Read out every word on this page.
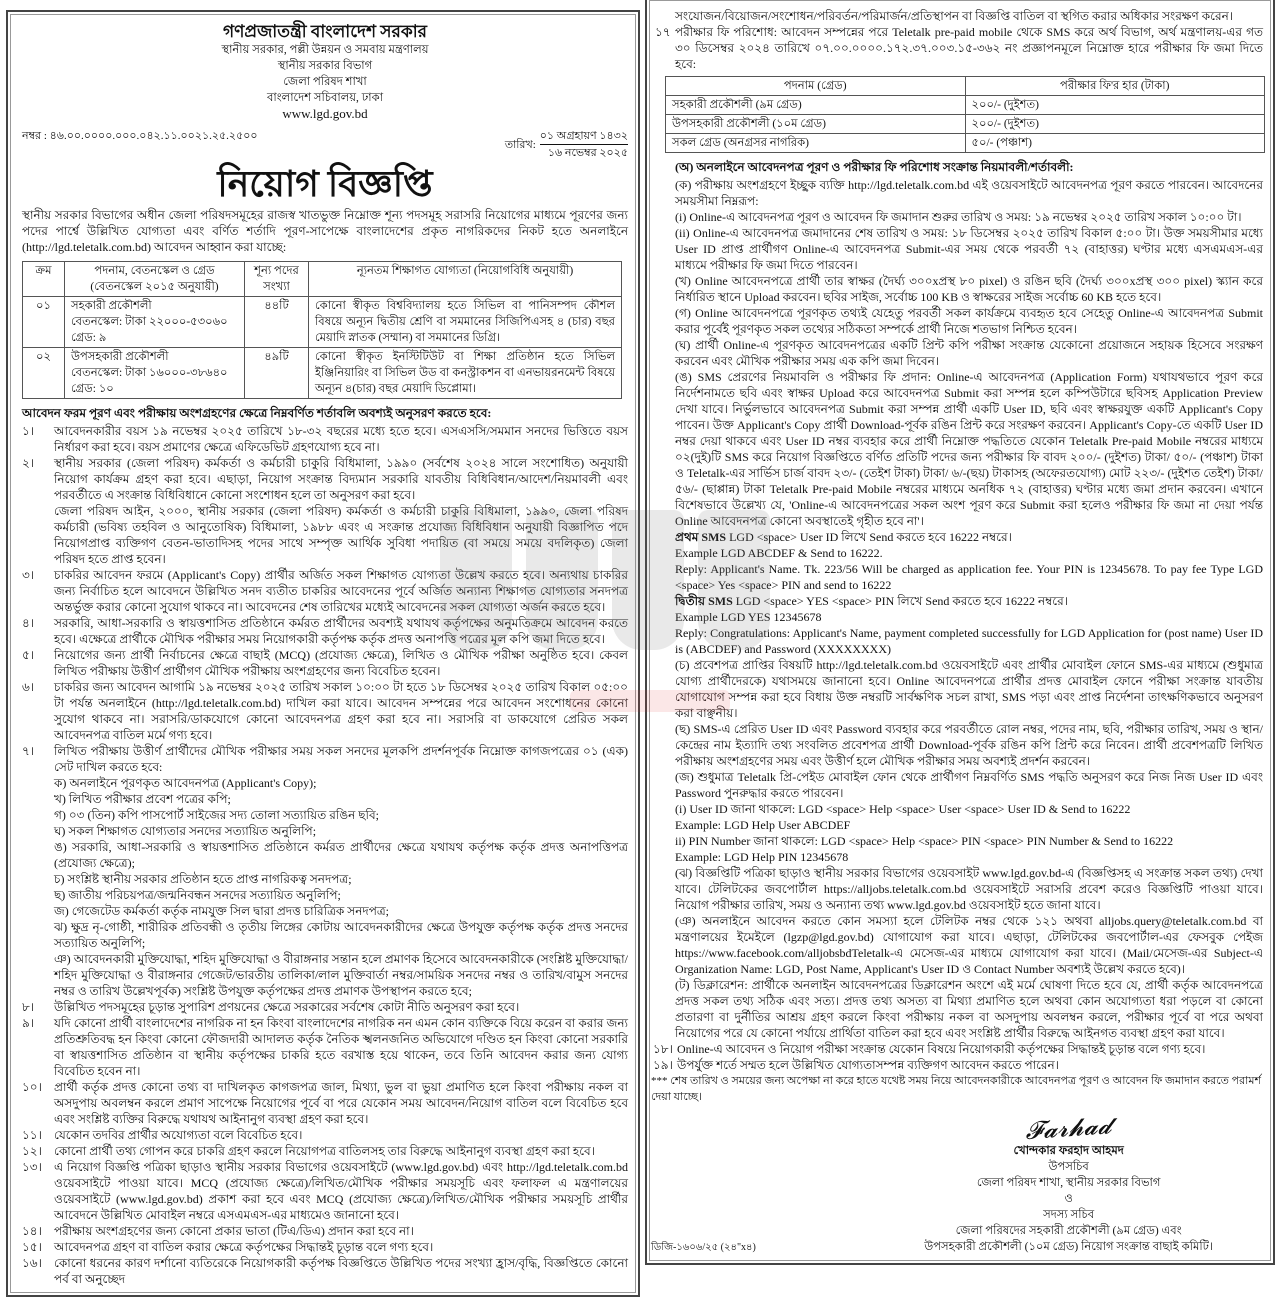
গণপ্রজাতন্ত্রী বাংলাদেশ সরকার
স্থানীয় সরকার, পল্লী উন্নয়ন ও সমবায় মন্ত্রণালয়
স্থানীয় সরকার বিভাগ
জেলা পরিষদ শাখা
বাংলাদেশ সচিবালয়, ঢাকা
www.lgd.gov.bd
নম্বর : ৪৬.০০.০০০০.০০০.০৪২.১১.০০২১.২৫.২৫০০
তারিখ:
০১ অগ্রহায়ণ ১৪৩২
১৬ নভেম্বর ২০২৫
নিয়োগ বিজ্ঞপ্তি
স্থানীয় সরকার বিভাগের অধীন জেলা পরিষদসমূহের রাজস্ব খাতভুক্ত নিম্নোক্ত শূন্য পদসমূহ সরাসরি নিয়োগের মাধ্যমে পূরণের জন্য পদের পার্শ্বে উল্লিখিত যোগ্যতা এবং বর্ণিত শর্তাদি পূরণ-সাপেক্ষে বাংলাদেশের প্রকৃত নাগরিকদের নিকট হতে অনলাইনে (http://lgd.teletalk.com.bd) আবেদন আহ্বান করা যাচ্ছে:
ক্রম	পদনাম, বেতনস্কেল ও গ্রেড (বেতনস্কেল ২০১৫ অনুযায়ী)	শূন্য পদের সংখ্যা	ন্যূনতম শিক্ষাগত যোগ্যতা (নিয়োগবিধি অনুযায়ী)
০১	সহকারী প্রকৌশলী
বেতনস্কেল: টাকা ২২০০০-৫৩০৬০
গ্রেড: ৯	৪৪টি	কোনো স্বীকৃত বিশ্ববিদ্যালয় হতে সিভিল বা পানিসম্পদ কৌশল বিষয়ে অন্যূন দ্বিতীয় শ্রেণি বা সমমানের সিজিপিএসহ ৪ (চার) বছর মেয়াদি স্নাতক (সম্মান) বা সমমানের ডিগ্রি।
০২	উপসহকারী প্রকৌশলী
বেতনস্কেল: টাকা ১৬০০০-৩৮৬৪০
গ্রেড: ১০	৪৯টি	কোনো স্বীকৃত ইনস্টিটিউট বা শিক্ষা প্রতিষ্ঠান হতে সিভিল ইঞ্জিনিয়ারিং বা সিভিল উড বা কনস্ট্রাকশন বা এনভায়রনমেন্ট বিষয়ে অন্যূন ৪(চার) বছর মেয়াদি ডিপ্লোমা।
আবেদন ফরম পূরণ এবং পরীক্ষায় অংশগ্রহণের ক্ষেত্রে নিম্নবর্ণিত শর্তাবলি অবশ্যই অনুসরণ করতে হবে:
১।	আবেদনকারীর বয়স ১৯ নভেম্বর ২০২৫ তারিখে ১৮-৩২ বছরের মধ্যে হতে হবে। এসএসসি/সমমান সনদের ভিত্তিতে বয়স নির্ধারণ করা হবে। বয়স প্রমাণের ক্ষেত্রে এফিডেভিট গ্রহণযোগ্য হবে না।
২।	স্থানীয় সরকার (জেলা পরিষদ) কর্মকর্তা ও কর্মচারী চাকুরি বিধিমালা, ১৯৯০ (সর্বশেষ ২০২৪ সালে সংশোধিত) অনুযায়ী নিয়োগ কার্যক্রম গ্রহণ করা হবে। এছাড়া, নিয়োগ সংক্রান্ত বিদ্যমান সরকারি যাবতীয় বিধিবিধান/আদেশ/নিয়মাবলী এবং পরবর্তীতে এ সংক্রান্ত বিধিবিধানে কোনো সংশোধন হলে তা অনুসরণ করা হবে।
জেলা পরিষদ আইন, ২০০০, স্থানীয় সরকার (জেলা পরিষদ) কর্মকর্তা ও কর্মচারী চাকুরি বিধিমালা, ১৯৯০, জেলা পরিষদ কর্মচারী (ভবিষ্য তহবিল ও আনুতোষিক) বিধিমালা, ১৯৮৮ এবং এ সংক্রান্ত প্রযোজ্য বিধিবিধান অনুযায়ী বিজ্ঞাপিত পদে নিয়োগপ্রাপ্ত ব্যক্তিগণ বেতন-ভাতাদিসহ পদের সাথে সম্পৃক্ত আর্থিক সুবিধা পদায়িত (বা সময়ে সময়ে বদলিকৃত) জেলা পরিষদ হতে প্রাপ্ত হবেন।
৩।	চাকরির আবেদন ফরমে (Applicant's Copy) প্রার্থীর অর্জিত সকল শিক্ষাগত যোগ্যতা উল্লেখ করতে হবে। অন্যথায় চাকরির জন্য নির্বাচিত হলে আবেদনে উল্লিখিত সনদ ব্যতীত চাকরির আবেদনের পূর্বে অর্জিত অন্যান্য শিক্ষাগত যোগ্যতার সনদপত্র অন্তর্ভুক্ত করার কোনো সুযোগ থাকবে না। আবেদনের শেষ তারিখের মধ্যেই আবেদনের সকল যোগ্যতা অর্জন করতে হবে।
৪।	সরকারি, আধা-সরকারি ও স্বায়ত্তশাসিত প্রতিষ্ঠানে কর্মরত প্রার্থীদের অবশ্যই যথাযথ কর্তৃপক্ষের অনুমতিক্রমে আবেদন করতে হবে। এক্ষেত্রে প্রার্থীকে মৌখিক পরীক্ষার সময় নিয়োগকারী কর্তৃপক্ষ কর্তৃক প্রদত্ত অনাপত্তি পত্রের মূল কপি জমা দিতে হবে।
৫।	নিয়োগের জন্য প্রার্থী নির্বাচনের ক্ষেত্রে বাছাই (MCQ) (প্রযোজ্য ক্ষেত্রে), লিখিত ও মৌখিক পরীক্ষা অনুষ্ঠিত হবে। কেবল লিখিত পরীক্ষায় উত্তীর্ণ প্রার্থীগণ মৌখিক পরীক্ষায় অংশগ্রহণের জন্য বিবেচিত হবেন।
৬।	চাকরির জন্য আবেদন আগামি ১৯ নভেম্বর ২০২৫ তারিখ সকাল ১০:০০ টা হতে ১৮ ডিসেম্বর ২০২৫ তারিখ বিকাল ০৫:০০ টা পর্যন্ত অনলাইনে (http://lgd.teletalk.com.bd) দাখিল করা যাবে। আবেদন সম্পন্নের পরে আবেদন সংশোধনের কোনো সুযোগ থাকবে না। সরাসরি/ডাকযোগে কোনো আবেদনপত্র গ্রহণ করা হবে না। সরাসরি বা ডাকযোগে প্রেরিত সকল আবেদনপত্র বাতিল মর্মে গণ্য হবে।
৭।	লিখিত পরীক্ষায় উত্তীর্ণ প্রার্থীদের মৌখিক পরীক্ষার সময় সকল সনদের মূলকপি প্রদর্শনপূর্বক নিম্নোক্ত কাগজপত্রের ০১ (এক) সেট দাখিল করতে হবে:
ক) অনলাইনে পূরণকৃত আবেদনপত্র (Applicant's Copy);
খ) লিখিত পরীক্ষার প্রবেশ পত্রের কপি;
গ) ০৩ (তিন) কপি পাসপোর্ট সাইজের সদ্য তোলা সত্যায়িত রঙিন ছবি;
ঘ) সকল শিক্ষাগত যোগ্যতার সনদের সত্যায়িত অনুলিপি;
ঙ) সরকারি, আধা-সরকারি ও স্বায়ত্তশাসিত প্রতিষ্ঠানে কর্মরত প্রার্থীদের ক্ষেত্রে যথাযথ কর্তৃপক্ষ কর্তৃক প্রদত্ত অনাপত্তিপত্র (প্রযোজ্য ক্ষেত্রে);
চ) সংশ্লিষ্ট স্থানীয় সরকার প্রতিষ্ঠান হতে প্রাপ্ত নাগরিকত্ব সনদপত্র;
ছ) জাতীয় পরিচয়পত্র/জন্মনিবন্ধন সনদের সত্যায়িত অনুলিপি;
জ) গেজেটেড কর্মকর্তা কর্তৃক নামযুক্ত সিল দ্বারা প্রদত্ত চারিত্রিক সনদপত্র;
ঝ) ক্ষুদ্র নৃ-গোষ্ঠী, শারীরিক প্রতিবন্ধী ও তৃতীয় লিঙ্গের কোটায় আবেদনকারীদের ক্ষেত্রে উপযুক্ত কর্তৃপক্ষ কর্তৃক প্রদত্ত সনদের সত্যায়িত অনুলিপি;
ঞ) আবেদনকারী মুক্তিযোদ্ধা, শহিদ মুক্তিযোদ্ধা ও বীরাঙ্গনার সন্তান হলে প্রমাণক হিসেবে আবেদনকারীকে (সংশ্লিষ্ট মুক্তিযোদ্ধা/শহিদ মুক্তিযোদ্ধা ও বীরাঙ্গনার গেজেট/ভারতীয় তালিকা/লাল মুক্তিবার্তা নম্বর/সাময়িক সনদের নম্বর ও তারিখ/বামুস সনদের নম্বর ও তারিখ উল্লেখপূর্বক) সংশ্লিষ্ট উপযুক্ত কর্তৃপক্ষের প্রদত্ত প্রমাণক উপস্থাপন করতে হবে;
৮।	উল্লিখিত পদসমূহের চূড়ান্ত সুপারিশ প্রণয়নের ক্ষেত্রে সরকারের সর্বশেষ কোটা নীতি অনুসরণ করা হবে।
৯।	যদি কোনো প্রার্থী বাংলাদেশের নাগরিক না হন কিংবা বাংলাদেশের নাগরিক নন এমন কোন ব্যক্তিকে বিয়ে করেন বা করার জন্য প্রতিশ্রুতিবদ্ধ হন কিংবা কোনো ফৌজদারী আদালত কর্তৃক নৈতিক স্খলনজনিত অভিযোগে দণ্ডিত হন কিংবা কোনো সরকারি বা স্বায়ত্তশাসিত প্রতিষ্ঠান বা স্থানীয় কর্তৃপক্ষের চাকরি হতে বরখাস্ত হয়ে থাকেন, তবে তিনি আবেদন করার জন্য যোগ্য বিবেচিত হবেন না।
১০।	প্রার্থী কর্তৃক প্রদত্ত কোনো তথ্য বা দাখিলকৃত কাগজপত্র জাল, মিথ্যা, ভুল বা ভুয়া প্রমাণিত হলে কিংবা পরীক্ষায় নকল বা অসদুপায় অবলম্বন করলে প্রমাণ সাপেক্ষে নিয়োগের পূর্বে বা পরে যেকোন সময় আবেদন/নিয়োগ বাতিল বলে বিবেচিত হবে এবং সংশ্লিষ্ট ব্যক্তির বিরুদ্ধে যথাযথ আইনানুগ ব্যবস্থা গ্রহণ করা হবে।
১১।	যেকোন তদবির প্রার্থীর অযোগ্যতা বলে বিবেচিত হবে।
১২।	কোনো প্রার্থী তথ্য গোপন করে চাকরি গ্রহণ করলে নিয়োগপত্র বাতিলসহ তার বিরুদ্ধে আইনানুগ ব্যবস্থা গ্রহণ করা হবে।
১৩।	এ নিয়োগ বিজ্ঞপ্তি পত্রিকা ছাড়াও স্থানীয় সরকার বিভাগের ওয়েবসাইটে (www.lgd.gov.bd) এবং http://lgd.teletalk.com.bd ওয়েবসাইটে পাওয়া যাবে। MCQ (প্রযোজ্য ক্ষেত্রে)/লিখিত/মৌখিক পরীক্ষার সময়সূচি এবং ফলাফল এ মন্ত্রণালয়ের ওয়েবসাইটে (www.lgd.gov.bd) প্রকাশ করা হবে এবং MCQ (প্রযোজ্য ক্ষেত্রে)/লিখিত/মৌখিক পরীক্ষার সময়সূচি প্রার্থীর আবেদনে উল্লিখিত মোবাইল নম্বরে এসএমএস-এর মাধ্যমেও জানানো হবে।
১৪।	পরীক্ষায় অংশগ্রহণের জন্য কোনো প্রকার ভাতা (টিএ/ডিএ) প্রদান করা হবে না।
১৫।	আবেদনপত্র গ্রহণ বা বাতিল করার ক্ষেত্রে কর্তৃপক্ষের সিদ্ধান্তই চূড়ান্ত বলে গণ্য হবে।
১৬।	কোনো ধরনের কারণ দর্শানো ব্যতিরেকে নিয়োগকারী কর্তৃপক্ষ বিজ্ঞপ্তিতে উল্লিখিত পদের সংখ্যা হ্রাস/বৃদ্ধি, বিজ্ঞপ্তিতে কোনো পর্ব বা অনুচ্ছেদ
সংযোজন/বিয়োজন/সংশোধন/পরিবর্তন/পরিমার্জন/প্রতিস্থাপন বা বিজ্ঞপ্তি বাতিল বা স্থগিত করার অধিকার সংরক্ষণ করেন।
১৭ পরীক্ষার ফি পরিশোধ: আবেদন সম্পন্নের পরে Teletalk pre-paid mobile থেকে SMS করে অর্থ বিভাগ, অর্থ মন্ত্রণালয়-এর গত ৩০ ডিসেম্বর ২০২৪ তারিখে ০৭.০০.০০০০.১৭২.৩৭.০০৩.১৫-৩৬২ নং প্রজ্ঞাপনমূলে নিম্নোক্ত হারে পরীক্ষার ফি জমা দিতে হবে:
পদনাম (গ্রেড)	পরীক্ষার ফি'র হার (টাকা)
সহকারী প্রকৌশলী (৯ম গ্রেড)	২০০/- (দুইশত)
উপসহকারী প্রকৌশলী (১০ম গ্রেড)	২০০/- (দুইশত)
সকল গ্রেড (অনগ্রসর নাগরিক)	৫০/- (পঞ্চাশ)
(অ) অনলাইনে আবেদনপত্র পূরণ ও পরীক্ষার ফি পরিশোধ সংক্রান্ত নিয়মাবলী/শর্তাবলী:
(ক) পরীক্ষায় অংশগ্রহণে ইচ্ছুক ব্যক্তি http://lgd.teletalk.com.bd এই ওয়েবসাইটে আবেদনপত্র পূরণ করতে পারবেন। আবেদনের সময়সীমা নিম্নরূপ:
(i) Online-এ আবেদনপত্র পূরণ ও আবেদন ফি জমাদান শুরুর তারিখ ও সময়: ১৯ নভেম্বর ২০২৫ তারিখ সকাল ১০:০০ টা।
(ii) Online-এ আবেদনপত্র জমাদানের শেষ তারিখ ও সময়: ১৮ ডিসেম্বর ২০২৫ তারিখ বিকাল ৫:০০ টা। উক্ত সময়সীমার মধ্যে User ID প্রাপ্ত প্রার্থীগণ Online-এ আবেদনপত্র Submit-এর সময় থেকে পরবর্তী ৭২ (বাহাত্তর) ঘণ্টার মধ্যে এসএমএস-এর মাধ্যমে পরীক্ষার ফি জমা দিতে পারবেন।
(খ) Online আবেদনপত্রে প্রার্থী তার স্বাক্ষর (দৈর্ঘ্য ৩০০xপ্রস্থ ৮০ pixel) ও রঙিন ছবি (দৈর্ঘ্য ৩০০xপ্রস্থ ৩০০ pixel) স্ক্যান করে নির্ধারিত স্থানে Upload করবেন। ছবির সাইজ, সর্বোচ্চ 100 KB ও স্বাক্ষরের সাইজ সর্বোচ্চ 60 KB হতে হবে।
(গ) Online আবেদনপত্রে পূরণকৃত তথ্যই যেহেতু পরবর্তী সকল কার্যক্রমে ব্যবহৃত হবে সেহেতু Online-এ আবেদনপত্র Submit করার পূর্বেই পূরণকৃত সকল তথ্যের সঠিকতা সম্পর্কে প্রার্থী নিজে শতভাগ নিশ্চিত হবেন।
(ঘ) প্রার্থী Online-এ পূরণকৃত আবেদনপত্রের একটি প্রিন্ট কপি পরীক্ষা সংক্রান্ত যেকোনো প্রয়োজনে সহায়ক হিসেবে সংরক্ষণ করবেন এবং মৌখিক পরীক্ষার সময় এক কপি জমা দিবেন।
(ঙ) SMS প্রেরণের নিয়মাবলি ও পরীক্ষার ফি প্রদান: Online-এ আবেদনপত্র (Application Form) যথাযথভাবে পূরণ করে নির্দেশনামতে ছবি এবং স্বাক্ষর Upload করে আবেদনপত্র Submit করা সম্পন্ন হলে কম্পিউটারে ছবিসহ Application Preview দেখা যাবে। নির্ভুলভাবে আবেদনপত্র Submit করা সম্পন্ন প্রার্থী একটি User ID, ছবি এবং স্বাক্ষরযুক্ত একটি Applicant's Copy পাবেন। উক্ত Applicant's Copy প্রার্থী Download-পূর্বক রঙিন প্রিন্ট করে সংরক্ষণ করবেন। Applicant's Copy-তে একটি User ID নম্বর দেয়া থাকবে এবং User ID নম্বর ব্যবহার করে প্রার্থী নিম্নোক্ত পদ্ধতিতে যেকোন Teletalk Pre-paid Mobile নম্বরের মাধ্যমে ০২(দুই)টি SMS করে নিয়োগ বিজ্ঞপ্তিতে বর্ণিত প্রতিটি পদের জন্য পরীক্ষার ফি বাবদ ২০০/- (দুইশত) টাকা/ ৫০/- (পঞ্চাশ) টাকা ও Teletalk-এর সার্ভিস চার্জ বাবদ ২৩/- (তেইশ টাকা) টাকা/ ৬/-(ছয়) টাকাসহ (অফেরতযোগ্য) মোট ২২৩/- (দুইশত তেইশ) টাকা/ ৫৬/- (ছাপ্পান্ন) টাকা Teletalk Pre-paid Mobile নম্বরের মাধ্যমে অনধিক ৭২ (বাহাত্তর) ঘণ্টার মধ্যে জমা প্রদান করবেন। এখানে বিশেষভাবে উল্লেখ্য যে, 'Online-এ আবেদনপত্রের সকল অংশ পূরণ করে Submit করা হলেও পরীক্ষার ফি জমা না দেয়া পর্যন্ত Online আবেদনপত্র কোনো অবস্থাতেই গৃহীত হবে না'।
প্রথম SMS LGD <space> User ID লিখে Send করতে হবে 16222 নম্বরে।
Example LGD ABCDEF & Send to 16222.
Reply: Applicant's Name. Tk. 223/56 Will be charged as application fee. Your PIN is 12345678. To pay fee Type LGD <space> Yes <space> PIN and send to 16222
দ্বিতীয় SMS LGD <space> YES <space> PIN লিখে Send করতে হবে 16222 নম্বরে।
Example LGD YES 12345678
Reply: Congratulations: Applicant's Name, payment completed successfully for LGD Application for (post name) User ID is (ABCDEF) and Password (XXXXXXXX)
(চ) প্রবেশপত্র প্রাপ্তির বিষয়টি http://lgd.teletalk.com.bd ওয়েবসাইটে এবং প্রার্থীর মোবাইল ফোনে SMS-এর মাধ্যমে (শুধুমাত্র যোগ্য প্রার্থীদেরকে) যথাসময়ে জানানো হবে। Online আবেদনপত্রে প্রার্থীর প্রদত্ত মোবাইল ফোনে পরীক্ষা সংক্রান্ত যাবতীয় যোগাযোগ সম্পন্ন করা হবে বিধায় উক্ত নম্বরটি সার্বক্ষণিক সচল রাখা, SMS পড়া এবং প্রাপ্ত নির্দেশনা তাৎক্ষণিকভাবে অনুসরণ করা বাঞ্ছনীয়।
(ছ) SMS-এ প্রেরিত User ID এবং Password ব্যবহার করে পরবর্তীতে রোল নম্বর, পদের নাম, ছবি, পরীক্ষার তারিখ, সময় ও স্থান/কেন্দ্রের নাম ইত্যাদি তথ্য সংবলিত প্রবেশপত্র প্রার্থী Download-পূর্বক রঙিন কপি প্রিন্ট করে নিবেন। প্রার্থী প্রবেশপত্রটি লিখিত পরীক্ষায় অংশগ্রহণের সময় এবং উত্তীর্ণ হলে মৌখিক পরীক্ষার সময় অবশ্যই প্রদর্শন করবেন।
(জ) শুধুমাত্র Teletalk প্রি-পেইড মোবাইল ফোন থেকে প্রার্থীগণ নিম্নবর্ণিত SMS পদ্ধতি অনুসরণ করে নিজ নিজ User ID এবং Password পুনরুদ্ধার করতে পারবেন।
(i) User ID জানা থাকলে: LGD <space> Help <space> User <space> User ID & Send to 16222
Example: LGD Help User ABCDEF
ii) PIN Number জানা থাকলে: LGD <space> Help <space> PIN <space> PIN Number & Send to 16222
Example: LGD Help PIN 12345678
(ঝ) বিজ্ঞপ্তিটি পত্রিকা ছাড়াও স্থানীয় সরকার বিভাগের ওয়েবসাইট www.lgd.gov.bd-এ (বিজ্ঞপ্তিসহ এ সংক্রান্ত সকল তথ্য) দেখা যাবে। টেলিটকের জবপোর্টাল https://alljobs.teletalk.com.bd ওয়েবসাইটে সরাসরি প্রবেশ করেও বিজ্ঞপ্তিটি পাওয়া যাবে। নিয়োগ পরীক্ষার তারিখ, সময় ও অন্যান্য তথ্য www.lgd.gov.bd ওয়েবসাইট হতে জানা যাবে।
(ঞ) অনলাইনে আবেদন করতে কোন সমস্যা হলে টেলিটক নম্বর থেকে ১২১ অথবা alljobs.query@teletalk.com.bd বা মন্ত্রণালয়ের ইমেইলে (lgzp@lgd.gov.bd) যোগাযোগ করা যাবে। এছাড়া, টেলিটকের জবপোর্টাল-এর ফেসবুক পেইজ https://www.facebook.com/alljobsbdTeletalk-এ মেসেজ-এর মাধ্যমে যোগাযোগ করা যাবে। (Mail/মেসেজ-এর Subject-এ Organization Name: LGD, Post Name, Applicant's User ID ও Contact Number অবশ্যই উল্লেখ করতে হবে)।
(ট) ডিক্লারেশন: প্রার্থীকে অনলাইন আবেদনপত্রের ডিক্লারেশন অংশে এই মর্মে ঘোষণা দিতে হবে যে, প্রার্থী কর্তৃক আবেদনপত্রে প্রদত্ত সকল তথ্য সঠিক এবং সত্য। প্রদত্ত তথ্য অসত্য বা মিথ্যা প্রমাণিত হলে অথবা কোন অযোগ্যতা ধরা পড়লে বা কোনো প্রতারণা বা দুর্নীতির আশ্রয় গ্রহণ করলে কিংবা পরীক্ষায় নকল বা অসদুপায় অবলম্বন করলে, পরীক্ষার পূর্বে বা পরে অথবা নিয়োগের পরে যে কোনো পর্যায়ে প্রার্থিতা বাতিল করা হবে এবং সংশ্লিষ্ট প্রার্থীর বিরুদ্ধে আইনগত ব্যবস্থা গ্রহণ করা যাবে।
১৮। Online-এ আবেদন ও নিয়োগ পরীক্ষা সংক্রান্ত যেকোন বিষয়ে নিয়োগকারী কর্তৃপক্ষের সিদ্ধান্তই চূড়ান্ত বলে গণ্য হবে।
১৯। উপর্যুক্ত শর্তে সম্মত হলে উল্লিখিত যোগ্যতাসম্পন্ন ব্যক্তিগণ আবেদন করতে পারেন।
*** শেষ তারিখ ও সময়ের জন্য অপেক্ষা না করে হাতে যথেষ্ট সময় নিয়ে আবেদনকারীকে আবেদনপত্র পূরণ ও আবেদন ফি জমাদান করতে পরামর্শ দেয়া যাচ্ছে।
ডিজি-১৬০৬/২৫ (২৪"x৪)
𝓕𝓪𝓻𝓱𝓪𝓭
খোন্দকার ফরহাদ আহমদ
উপসচিব
জেলা পরিষদ শাখা, স্থানীয় সরকার বিভাগ
ও
সদস্য সচিব
জেলা পরিষদের সহকারী প্রকৌশলী (৯ম গ্রেড) এবং
উপসহকারী প্রকৌশলী (১০ম গ্রেড) নিয়োগ সংক্রান্ত বাছাই কমিটি।
